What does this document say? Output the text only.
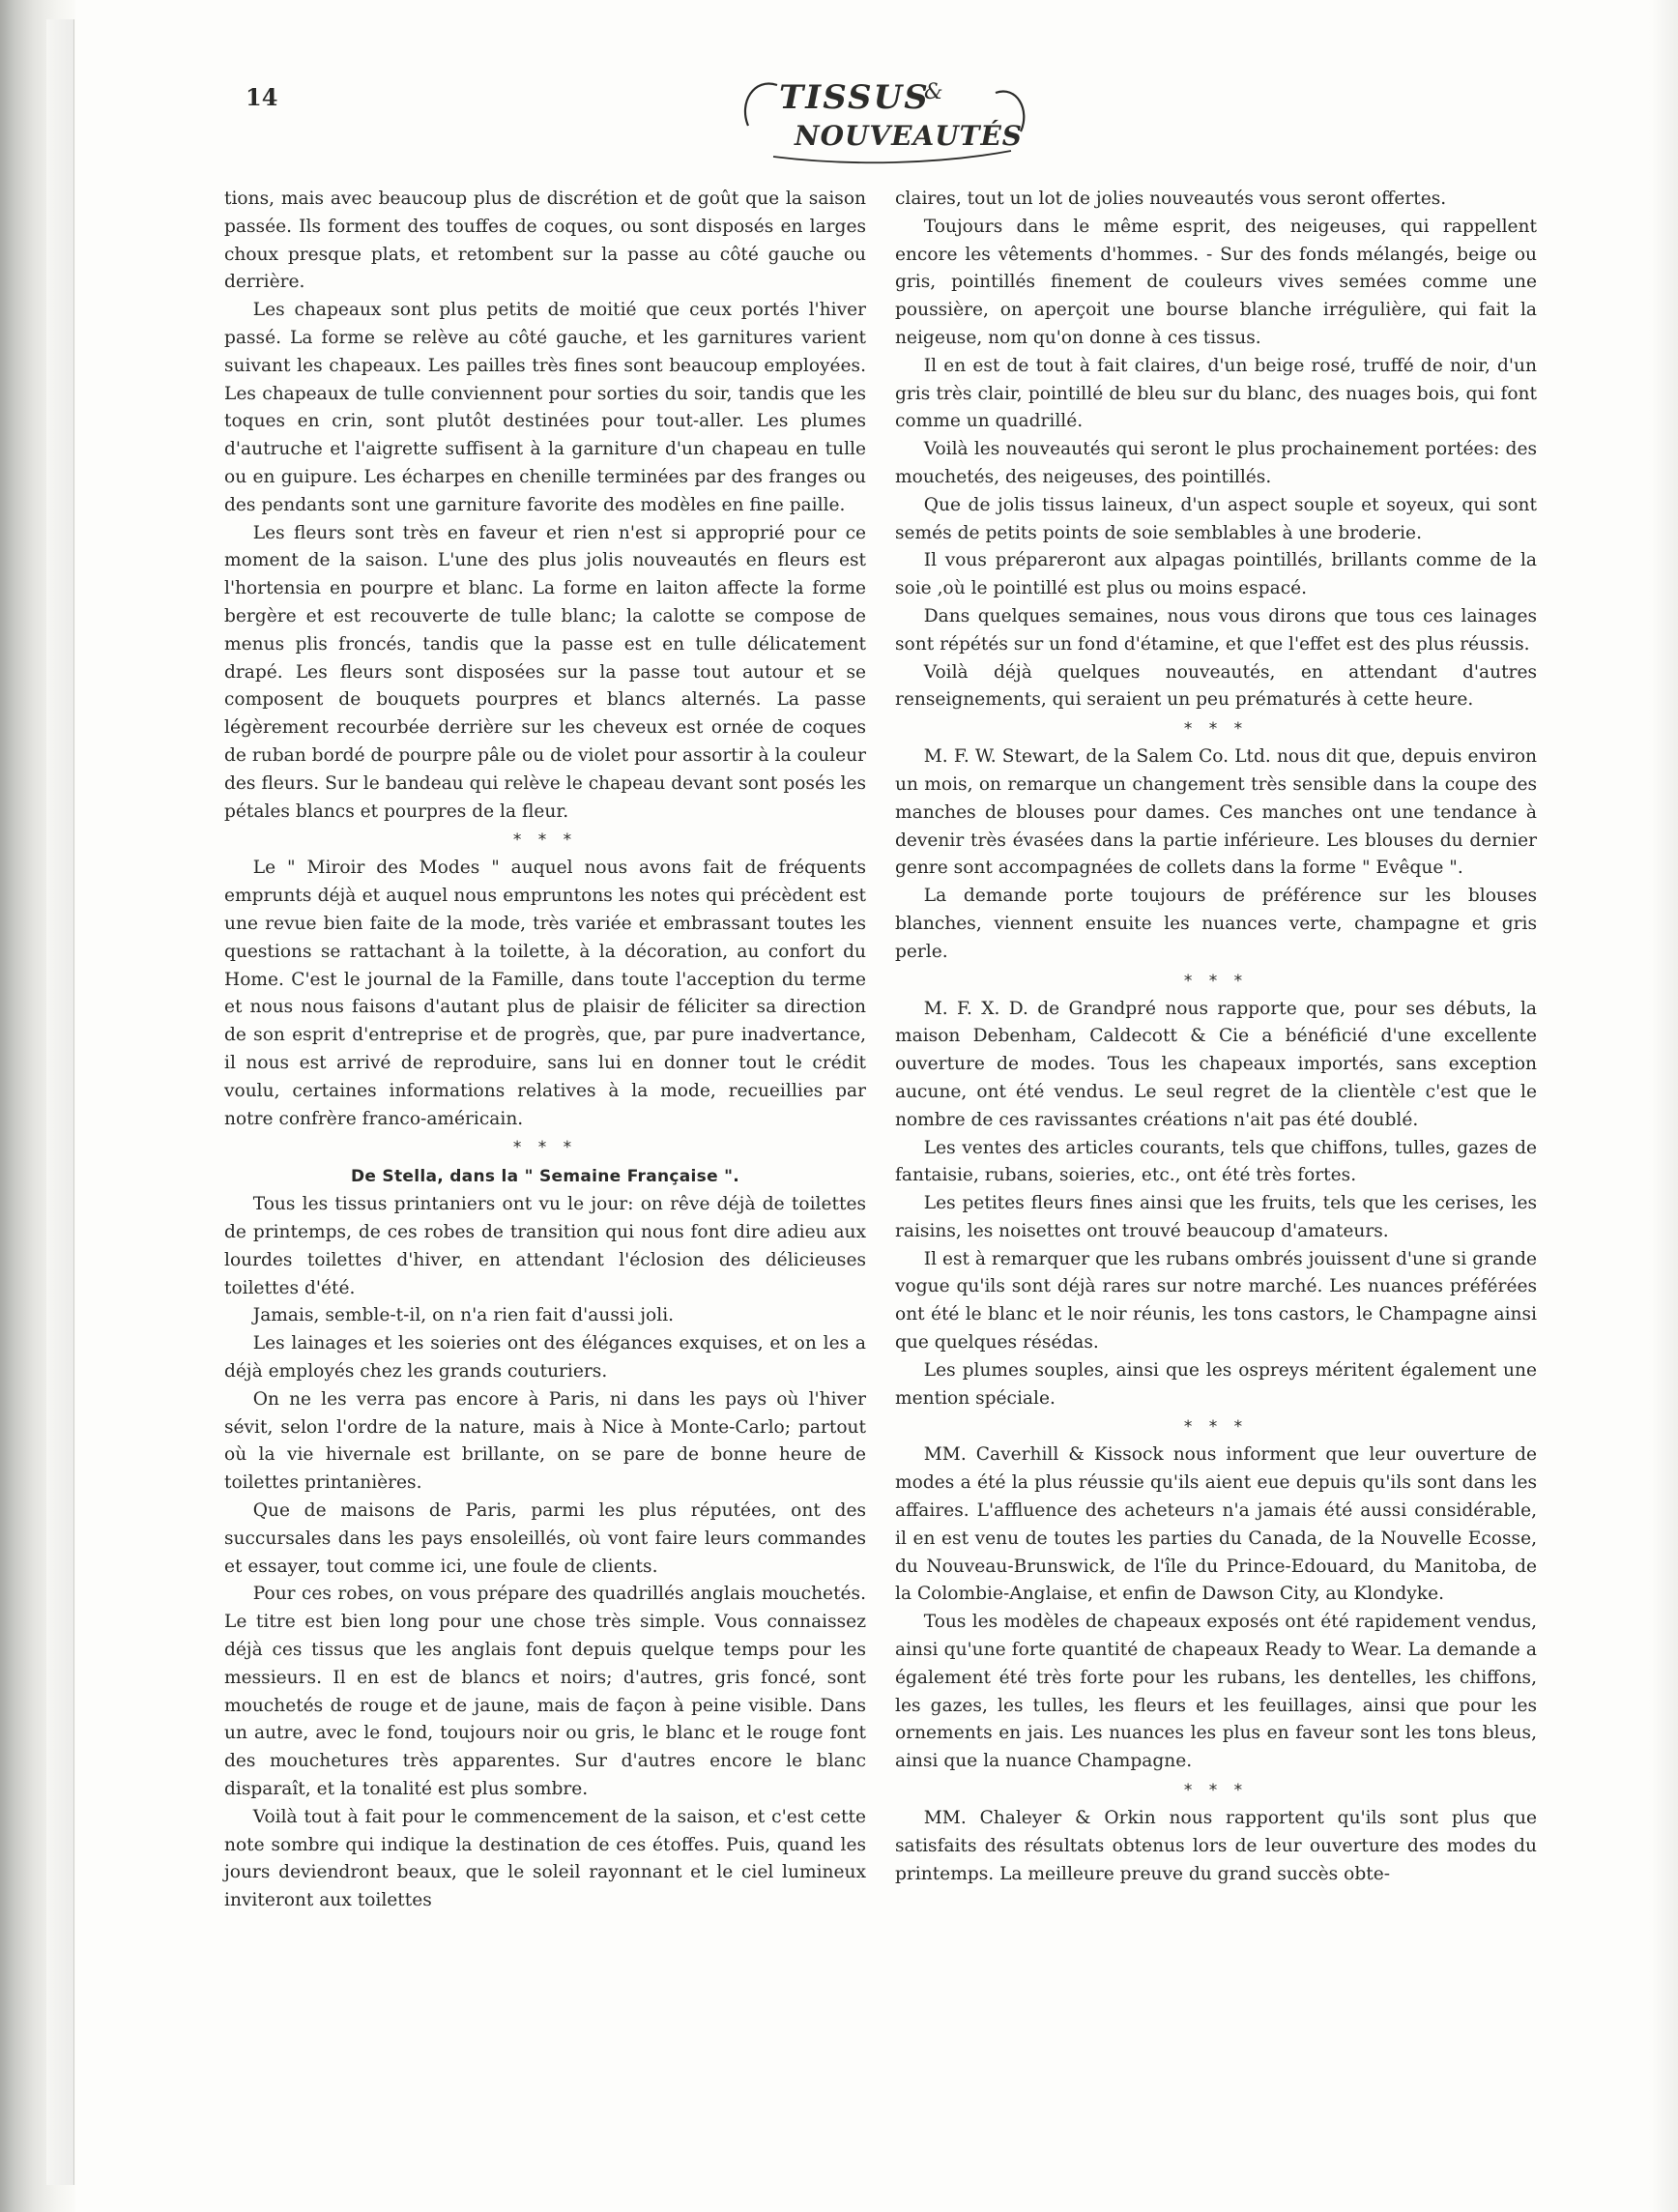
14	TISSUS
&
NOUVEAUTÉS

tions, mais avec beaucoup plus de discrétion et de goût que la saison passée. Ils forment des touffes de coques, ou sont disposés en larges choux presque plats, et retombent sur la passe au côté gauche ou derrière.

Les chapeaux sont plus petits de moitié que ceux portés l'hiver passé. La forme se relève au côté gauche, et les garnitures varient suivant les chapeaux. Les pailles très fines sont beaucoup employées. Les chapeaux de tulle conviennent pour sorties du soir, tandis que les toques en crin, sont plutôt destinées pour tout-aller. Les plumes d'autruche et l'aigrette suffisent à la garniture d'un chapeau en tulle ou en guipure. Les écharpes en chenille terminées par des franges ou des pendants sont une garniture favorite des modèles en fine paille.

Les fleurs sont très en faveur et rien n'est si approprié pour ce moment de la saison. L'une des plus jolis nouveautés en fleurs est l'hortensia en pourpre et blanc. La forme en laiton affecte la forme bergère et est recouverte de tulle blanc; la calotte se compose de menus plis froncés, tandis que la passe est en tulle délicatement drapé. Les fleurs sont disposées sur la passe tout autour et se composent de bouquets pourpres et blancs alternés. La passe légèrement recourbée derrière sur les cheveux est ornée de coques de ruban bordé de pourpre pâle ou de violet pour assortir à la couleur des fleurs. Sur le bandeau qui relève le chapeau devant sont posés les pétales blancs et pourpres de la fleur.

* * *

Le " Miroir des Modes " auquel nous avons fait de fréquents emprunts déjà et auquel nous empruntons les notes qui précèdent est une revue bien faite de la mode, très variée et embrassant toutes les questions se rattachant à la toilette, à la décoration, au confort du Home. C'est le journal de la Famille, dans toute l'acception du terme et nous nous faisons d'autant plus de plaisir de féliciter sa direction de son esprit d'entreprise et de progrès, que, par pure inadvertance, il nous est arrivé de reproduire, sans lui en donner tout le crédit voulu, certaines informations relatives à la mode, recueillies par notre confrère franco-américain.

* * *
De Stella, dans la " Semaine Française ".

Tous les tissus printaniers ont vu le jour: on rêve déjà de toilettes de printemps, de ces robes de transition qui nous font dire adieu aux lourdes toilettes d'hiver, en attendant l'éclosion des délicieuses toilettes d'été.

Jamais, semble-t-il, on n'a rien fait d'aussi joli.

Les lainages et les soieries ont des élégances exquises, et on les a déjà employés chez les grands couturiers.

On ne les verra pas encore à Paris, ni dans les pays où l'hiver sévit, selon l'ordre de la nature, mais à Nice à Monte-Carlo; partout où la vie hivernale est brillante, on se pare de bonne heure de toilettes printanières.

Que de maisons de Paris, parmi les plus réputées, ont des succursales dans les pays ensoleillés, où vont faire leurs commandes et essayer, tout comme ici, une foule de clients.

Pour ces robes, on vous prépare des quadrillés anglais mouchetés. Le titre est bien long pour une chose très simple. Vous connaissez déjà ces tissus que les anglais font depuis quelque temps pour les messieurs. Il en est de blancs et noirs; d'autres, gris foncé, sont mouchetés de rouge et de jaune, mais de façon à peine visible. Dans un autre, avec le fond, toujours noir ou gris, le blanc et le rouge font des mouchetures très apparentes. Sur d'autres encore le blanc disparaît, et la tonalité est plus sombre.

Voilà tout à fait pour le commencement de la saison, et c'est cette note sombre qui indique la destination de ces étoffes. Puis, quand les jours deviendront beaux, que le soleil rayonnant et le ciel lumineux inviteront aux toilettes

claires, tout un lot de jolies nouveautés vous seront offertes.

Toujours dans le même esprit, des neigeuses, qui rappellent encore les vêtements d'hommes. - Sur des fonds mélangés, beige ou gris, pointillés finement de couleurs vives semées comme une poussière, on aperçoit une bourse blanche irrégulière, qui fait la neigeuse, nom qu'on donne à ces tissus.

Il en est de tout à fait claires, d'un beige rosé, truffé de noir, d'un gris très clair, pointillé de bleu sur du blanc, des nuages bois, qui font comme un quadrillé.

Voilà les nouveautés qui seront le plus prochainement portées: des mouchetés, des neigeuses, des pointillés.

Que de jolis tissus laineux, d'un aspect souple et soyeux, qui sont semés de petits points de soie semblables à une broderie.

Il vous prépareront aux alpagas pointillés, brillants comme de la soie ,où le pointillé est plus ou moins espacé.

Dans quelques semaines, nous vous dirons que tous ces lainages sont répétés sur un fond d'étamine, et que l'effet est des plus réussis.

Voilà déjà quelques nouveautés, en attendant d'autres renseignements, qui seraient un peu prématurés à cette heure.

* * *

M. F. W. Stewart, de la Salem Co. Ltd. nous dit que, depuis environ un mois, on remarque un changement très sensible dans la coupe des manches de blouses pour dames. Ces manches ont une tendance à devenir très évasées dans la partie inférieure. Les blouses du dernier genre sont accompagnées de collets dans la forme " Evêque ".

La demande porte toujours de préférence sur les blouses blanches, viennent ensuite les nuances verte, champagne et gris perle.

* * *

M. F. X. D. de Grandpré nous rapporte que, pour ses débuts, la maison Debenham, Caldecott & Cie a bénéficié d'une excellente ouverture de modes. Tous les chapeaux importés, sans exception aucune, ont été vendus. Le seul regret de la clientèle c'est que le nombre de ces ravissantes créations n'ait pas été doublé.

Les ventes des articles courants, tels que chiffons, tulles, gazes de fantaisie, rubans, soieries, etc., ont été très fortes.

Les petites fleurs fines ainsi que les fruits, tels que les cerises, les raisins, les noisettes ont trouvé beaucoup d'amateurs.

Il est à remarquer que les rubans ombrés jouissent d'une si grande vogue qu'ils sont déjà rares sur notre marché. Les nuances préférées ont été le blanc et le noir réunis, les tons castors, le Champagne ainsi que quelques résédas.

Les plumes souples, ainsi que les ospreys méritent également une mention spéciale.

* * *

MM. Caverhill & Kissock nous informent que leur ouverture de modes a été la plus réussie qu'ils aient eue depuis qu'ils sont dans les affaires. L'affluence des acheteurs n'a jamais été aussi considérable, il en est venu de toutes les parties du Canada, de la Nouvelle Ecosse, du Nouveau-Brunswick, de l'île du Prince-Edouard, du Manitoba, de la Colombie-Anglaise, et enfin de Dawson City, au Klondyke.

Tous les modèles de chapeaux exposés ont été rapidement vendus, ainsi qu'une forte quantité de chapeaux Ready to Wear. La demande a également été très forte pour les rubans, les dentelles, les chiffons, les gazes, les tulles, les fleurs et les feuillages, ainsi que pour les ornements en jais. Les nuances les plus en faveur sont les tons bleus, ainsi que la nuance Champagne.

* * *

MM. Chaleyer & Orkin nous rapportent qu'ils sont plus que satisfaits des résultats obtenus lors de leur ouverture des modes du printemps. La meilleure preuve du grand succès obte-
